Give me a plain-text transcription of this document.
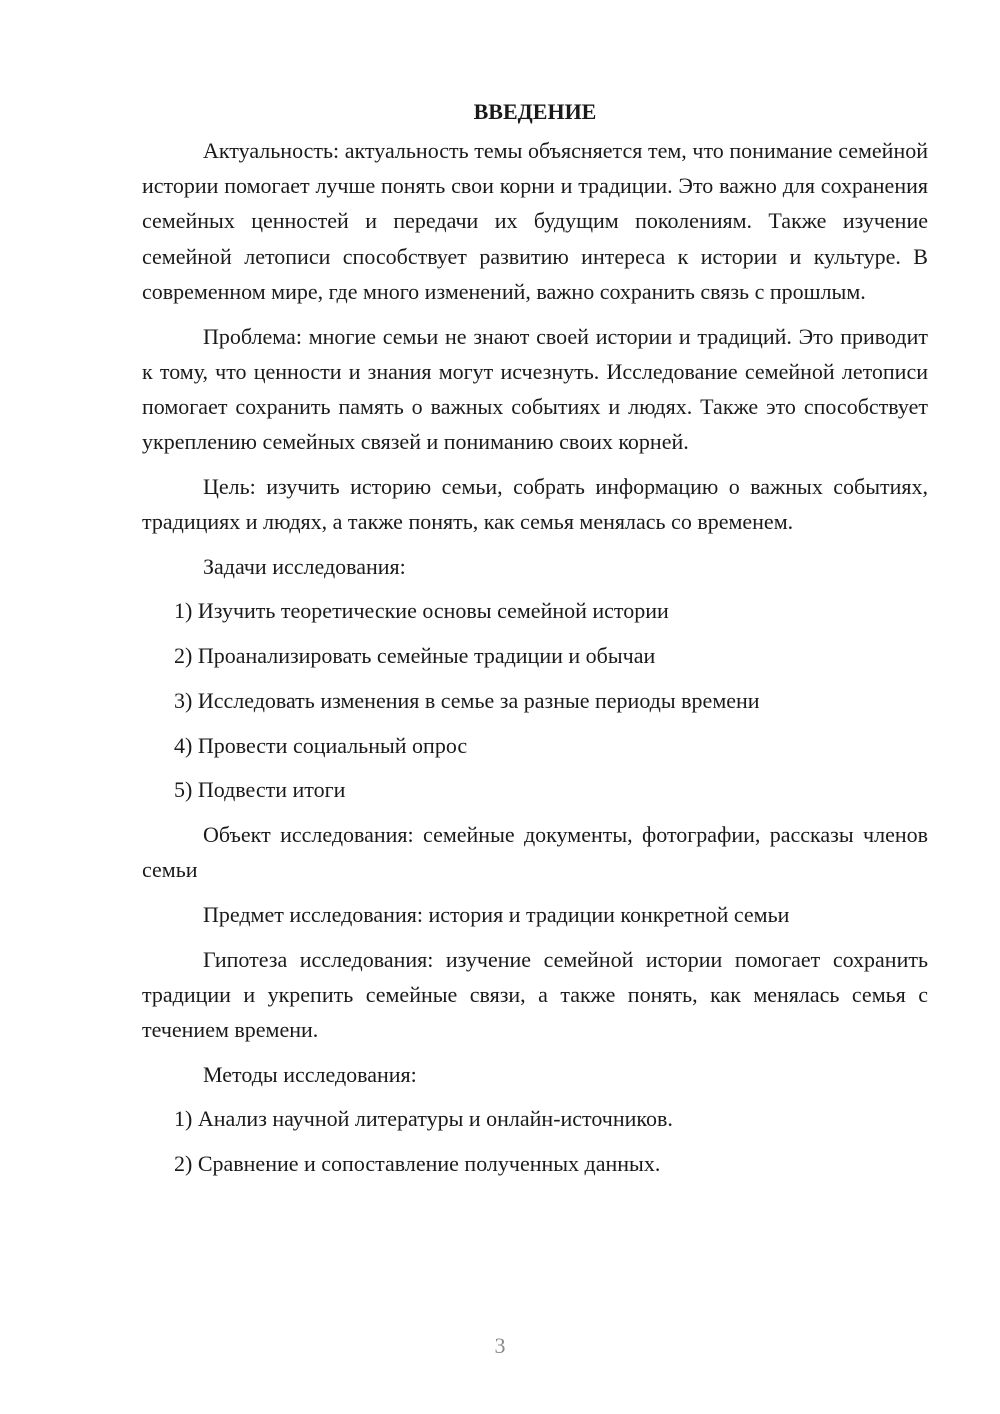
ВВЕДЕНИЕ

Актуальность: актуальность темы объясняется тем, что понимание семейной истории помогает лучше понять свои корни и традиции. Это важно для сохранения семейных ценностей и передачи их будущим поколениям. Также изучение семейной летописи способствует развитию интереса к истории и культуре. В современном мире, где много изменений, важно сохранить связь с прошлым.

Проблема: многие семьи не знают своей истории и традиций. Это приводит к тому, что ценности и знания могут исчезнуть. Исследование семейной летописи помогает сохранить память о важных событиях и людях. Также это способствует укреплению семейных связей и пониманию своих корней.

Цель: изучить историю семьи, собрать информацию о важных событиях, традициях и людях, а также понять, как семья менялась со временем.

Задачи исследования:

1) Изучить теоретические основы семейной истории
2) Проанализировать семейные традиции и обычаи
3) Исследовать изменения в семье за разные периоды времени
4) Провести социальный опрос
5) Подвести итоги

Объект исследования: семейные документы, фотографии, рассказы членов семьи

Предмет исследования: история и традиции конкретной семьи

Гипотеза исследования: изучение семейной истории помогает сохранить традиции и укрепить семейные связи, а также понять, как менялась семья с течением времени.

Методы исследования:

1) Анализ научной литературы и онлайн-источников.
2) Сравнение и сопоставление полученных данных.
3
